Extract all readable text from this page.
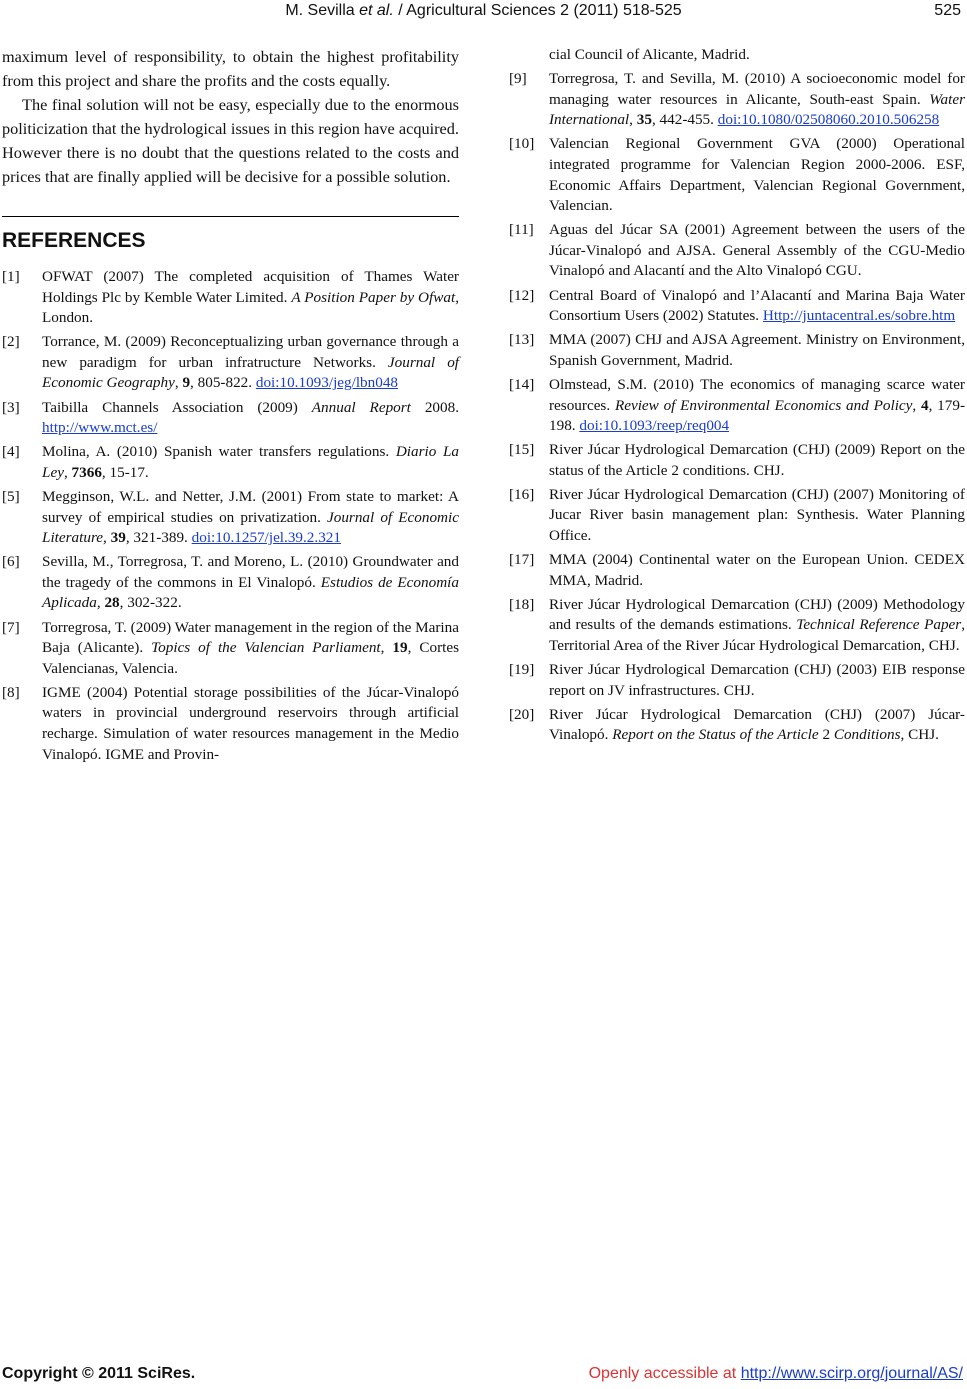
M. Sevilla et al. / Agricultural Sciences 2 (2011) 518-525	525

maximum level of responsibility, to obtain the highest profitability from this project and share the profits and the costs equally.

The final solution will not be easy, especially due to the enormous politicization that the hydrological issues in this region have acquired. However there is no doubt that the questions related to the costs and prices that are finally applied will be decisive for a possible solution.

REFERENCES
[1] OFWAT (2007) The completed acquisition of Thames Water Holdings Plc by Kemble Water Limited. A Position Paper by Ofwat, London.
[2] Torrance, M. (2009) Reconceptualizing urban governance through a new paradigm for urban infratructure Networks. Journal of Economic Geography, 9, 805-822. doi:10.1093/jeg/lbn048
[3] Taibilla Channels Association (2009) Annual Report 2008. http://www.mct.es/
[4] Molina, A. (2010) Spanish water transfers regulations. Diario La Ley, 7366, 15-17.
[5] Megginson, W.L. and Netter, J.M. (2001) From state to market: A survey of empirical studies on privatization. Journal of Economic Literature, 39, 321-389. doi:10.1257/jel.39.2.321
[6] Sevilla, M., Torregrosa, T. and Moreno, L. (2010) Groundwater and the tragedy of the commons in El Vinalopó. Estudios de Economía Aplicada, 28, 302-322.
[7] Torregrosa, T. (2009) Water management in the region of the Marina Baja (Alicante). Topics of the Valencian Parliament, 19, Cortes Valencianas, Valencia.
[8] IGME (2004) Potential storage possibilities of the Júcar-Vinalopó waters in provincial underground reservoirs through artificial recharge. Simulation of water resources management in the Medio Vinalopó. IGME and Provin-
cial Council of Alicante, Madrid.
[9] Torregrosa, T. and Sevilla, M. (2010) A socioeconomic model for managing water resources in Alicante, South-east Spain. Water International, 35, 442-455. doi:10.1080/02508060.2010.506258
[10] Valencian Regional Government GVA (2000) Operational integrated programme for Valencian Region 2000-2006. ESF, Economic Affairs Department, Valencian Regional Government, Valencian.
[11] Aguas del Júcar SA (2001) Agreement between the users of the Júcar-Vinalopó and AJSA. General Assembly of the CGU-Medio Vinalopó and Alacantí and the Alto Vinalopó CGU.
[12] Central Board of Vinalopó and l’Alacantí and Marina Baja Water Consortium Users (2002) Statutes. Http://juntacentral.es/sobre.htm
[13] MMA (2007) CHJ and AJSA Agreement. Ministry on Environment, Spanish Government, Madrid.
[14] Olmstead, S.M. (2010) The economics of managing scarce water resources. Review of Environmental Economics and Policy, 4, 179-198. doi:10.1093/reep/req004
[15] River Júcar Hydrological Demarcation (CHJ) (2009) Report on the status of the Article 2 conditions. CHJ.
[16] River Júcar Hydrological Demarcation (CHJ) (2007) Monitoring of Jucar River basin management plan: Synthesis. Water Planning Office.
[17] MMA (2004) Continental water on the European Union. CEDEX MMA, Madrid.
[18] River Júcar Hydrological Demarcation (CHJ) (2009) Methodology and results of the demands estimations. Technical Reference Paper, Territorial Area of the River Júcar Hydrological Demarcation, CHJ.
[19] River Júcar Hydrological Demarcation (CHJ) (2003) EIB response report on JV infrastructures. CHJ.
[20] River Júcar Hydrological Demarcation (CHJ) (2007) Júcar-Vinalopó. Report on the Status of the Article 2 Conditions, CHJ.
Copyright © 2011 SciRes.	Openly accessible at http://www.scirp.org/journal/AS/
